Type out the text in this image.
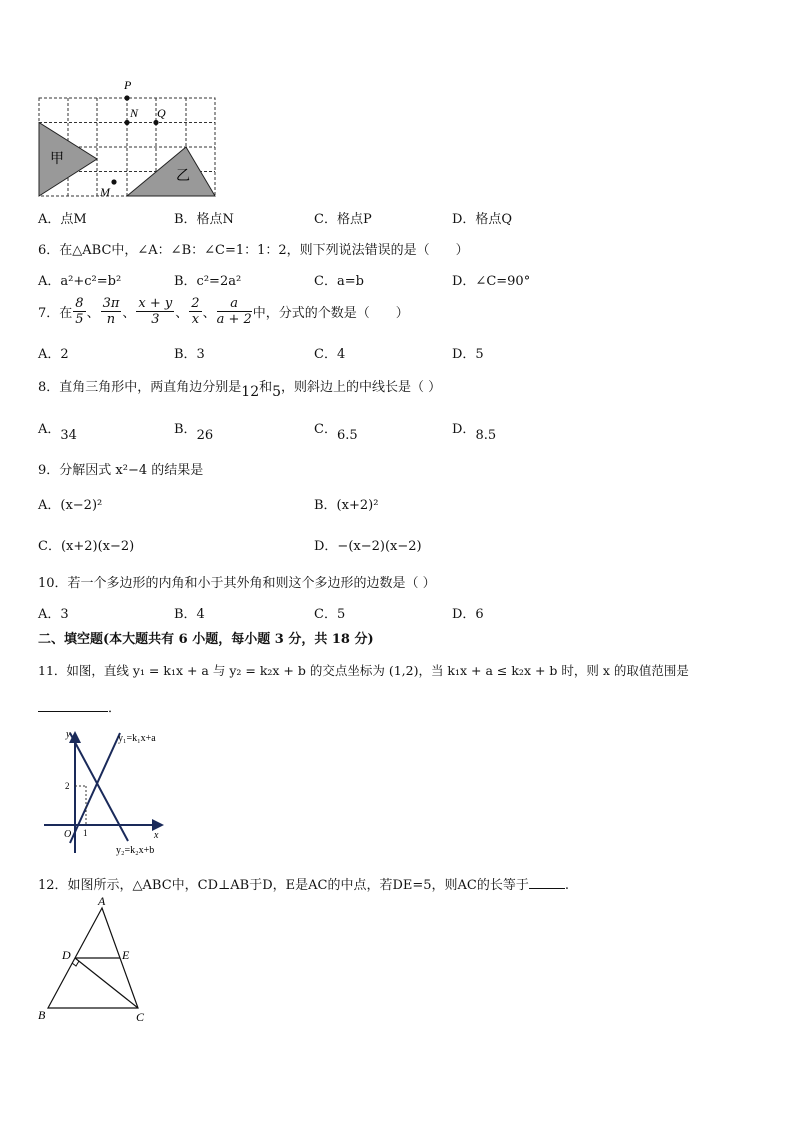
甲
乙
P
N Q
M
A．点M	B．格点N	C．格点P	D．格点Q
6．在△ABC中，∠A：∠B：∠C=1：1：2，则下列说法错误的是（　　）
A．a²+c²=b²	B．c²=2a²	C．a=b	D．∠C=90°
7．在 $\frac{8}{5}$ 、 $\frac{3\pi}{n}$ 、 $\frac{x + y}{3}$ 、 $\frac{2}{x}$ 、 $\frac{a}{a + 2}$ 中，分式的个数是（　　）
A．2	B．3	C．4	D．5
8．直角三角形中，两直角边分别是12和5，则斜边上的中线长是（ ）
A．34	B．26	C．6.5	D．8.5
9．分解因式 x²−4 的结果是
A．(x−2)²	B．(x+2)²
C．(x+2)(x−2)	D．−(x−2)(x−2)
10．若一个多边形的内角和小于其外角和则这个多边形的边数是（ ）
A．3	B．4	C．5	D．6
二、填空题(本大题共有 6 小题，每小题 3 分，共 18 分)
11．如图，直线 y₁ = k₁x + a 与 y₂ = k₂x + b 的交点坐标为 (1,2)，当 k₁x + a ≤ k₂x + b 时，则 x 的取值范围是
．
y
x
O 1
2
y₁=k₁x+a
y₂=k₂x+b
12．如图所示，△ABC中，CD⊥AB于D，E是AC的中点，若DE=5，则AC的长等于	.
A
B	C
D	E
